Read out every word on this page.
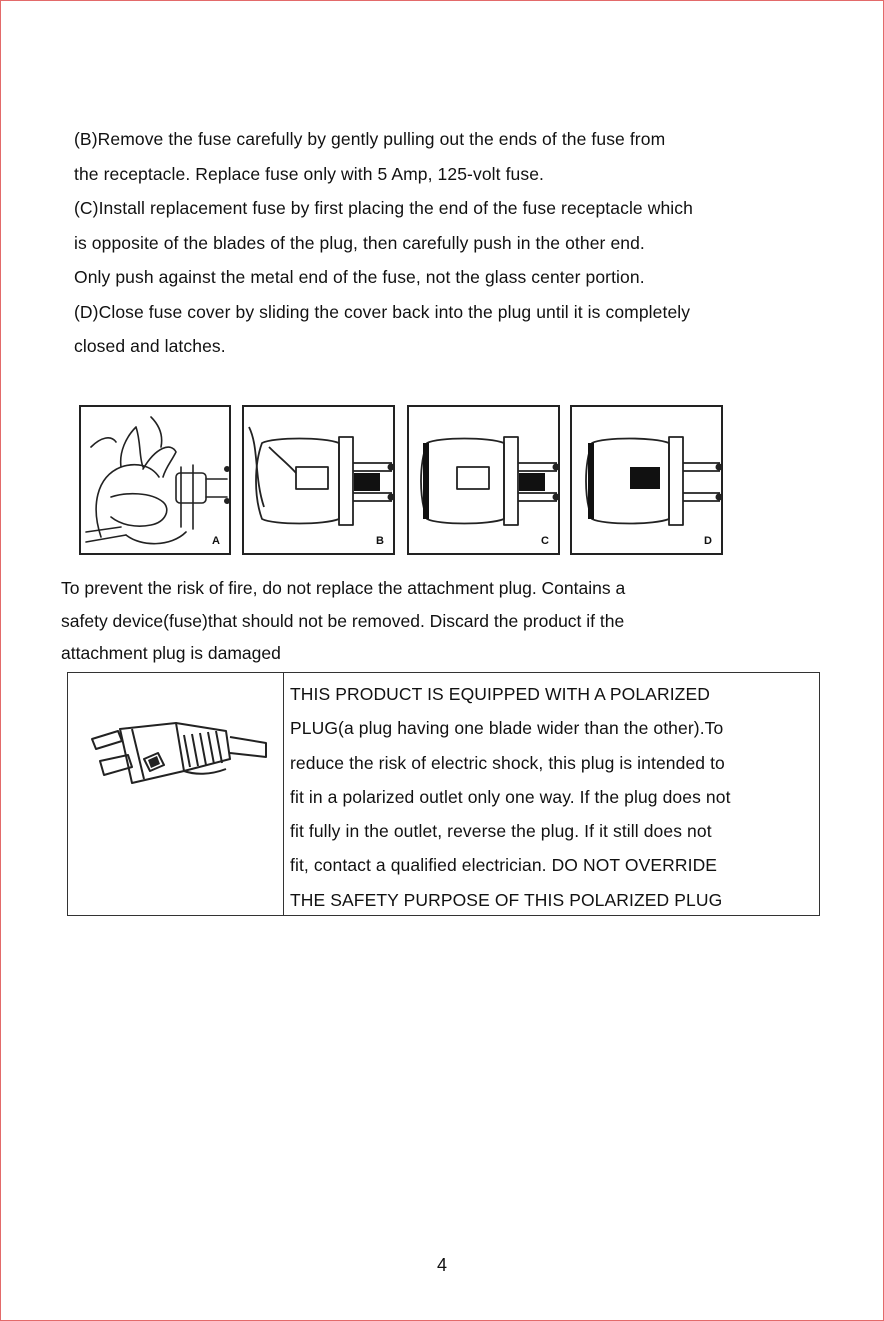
(B)Remove the fuse carefully by gently pulling out the ends of the fuse from

the receptacle. Replace fuse only with 5 Amp, 125-volt fuse.

(C)Install replacement fuse by first placing the end of the fuse receptacle which

is opposite of the blades of the plug, then carefully push in the other end.

Only push against the metal end of the fuse, not the glass center portion.

(D)Close fuse cover by sliding the cover back into the plug until it is completely

closed and latches.

A	B	C	D

To prevent the risk of fire, do not replace the attachment plug. Contains a

safety device(fuse)that should not be removed. Discard the product if the

attachment plug is damaged

THIS PRODUCT IS EQUIPPED WITH A POLARIZED

PLUG(a plug having one blade wider than the other).To

reduce the risk of electric shock, this plug is intended to

fit in a polarized outlet only one way. If the plug does not

fit fully in the outlet, reverse the plug. If it still does not

fit, contact a qualified electrician. DO NOT OVERRIDE

THE SAFETY PURPOSE OF THIS POLARIZED PLUG

4
